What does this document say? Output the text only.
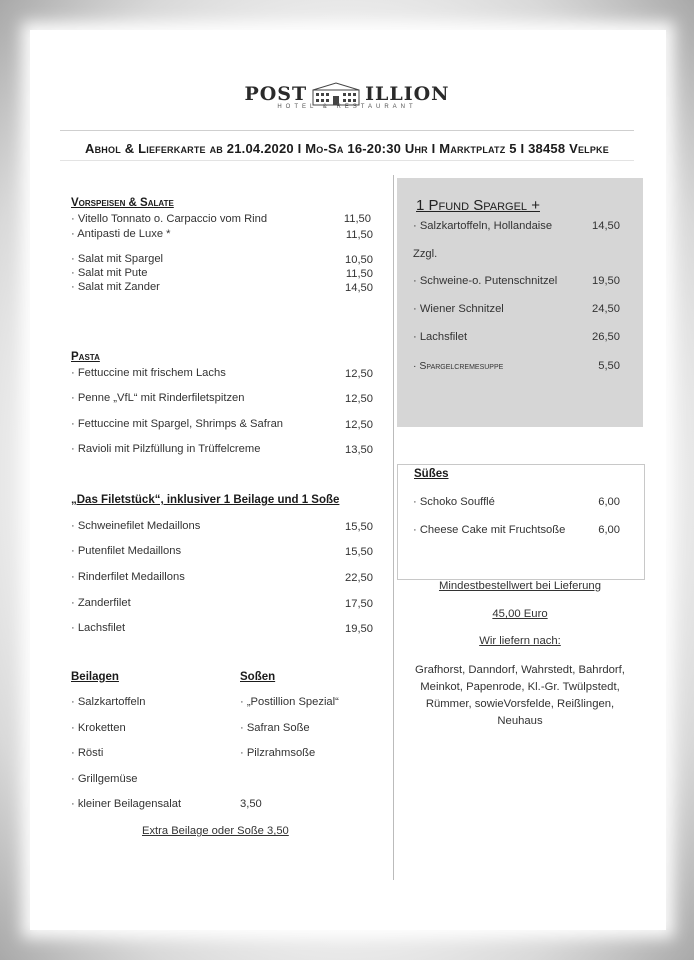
POST	ILLION
HOTEL & RESTAURANT
Abhol & Lieferkarte ab 21.04.2020 I Mo-Sa 16-20:30 Uhr I Marktplatz 5 I 38458 Velpke
Vorspeisen & Salate
· Vitello Tonnato o. Carpaccio vom Rind	11,50
· Antipasti de Luxe *	11,50
· Salat mit Spargel	10,50
· Salat mit Pute	11,50
· Salat mit Zander	14,50
Pasta
· Fettuccine mit frischem Lachs	12,50
· Penne „VfL“ mit Rinderfiletspitzen	12,50
· Fettuccine mit Spargel, Shrimps & Safran	12,50
· Ravioli mit Pilzfüllung in Trüffelcreme	13,50
„Das Filetstück“, inklusiver 1 Beilage und 1 Soße
· Schweinefilet Medaillons	15,50
· Putenfilet Medaillons	15,50
· Rinderfilet Medaillons	22,50
· Zanderfilet	17,50
· Lachsfilet	19,50
Beilagen
· Salzkartoffeln
· Kroketten
· Rösti
· Grillgemüse
· kleiner Beilagensalat	3,50
Soßen
· „Postillion Spezial“
· Safran Soße
· Pilzrahmsoße
Extra Beilage oder Soße 3,50
1 Pfund Spargel +
· Salzkartoffeln, Hollandaise	14,50
Zzgl.
· Schweine-o. Putenschnitzel	19,50
· Wiener Schnitzel	24,50
· Lachsfilet	26,50
· Spargelcremesuppe	5,50
Süßes
· Schoko Soufflé	6,00
· Cheese Cake mit Fruchtsoße	6,00
Mindestbestellwert bei Lieferung
45,00 Euro
Wir liefern nach:
Grafhorst, Danndorf, Wahrstedt, Bahrdorf,
Meinkot, Papenrode, Kl.-Gr. Twülpstedt,
Rümmer, sowieVorsfelde, Reißlingen,
Neuhaus
